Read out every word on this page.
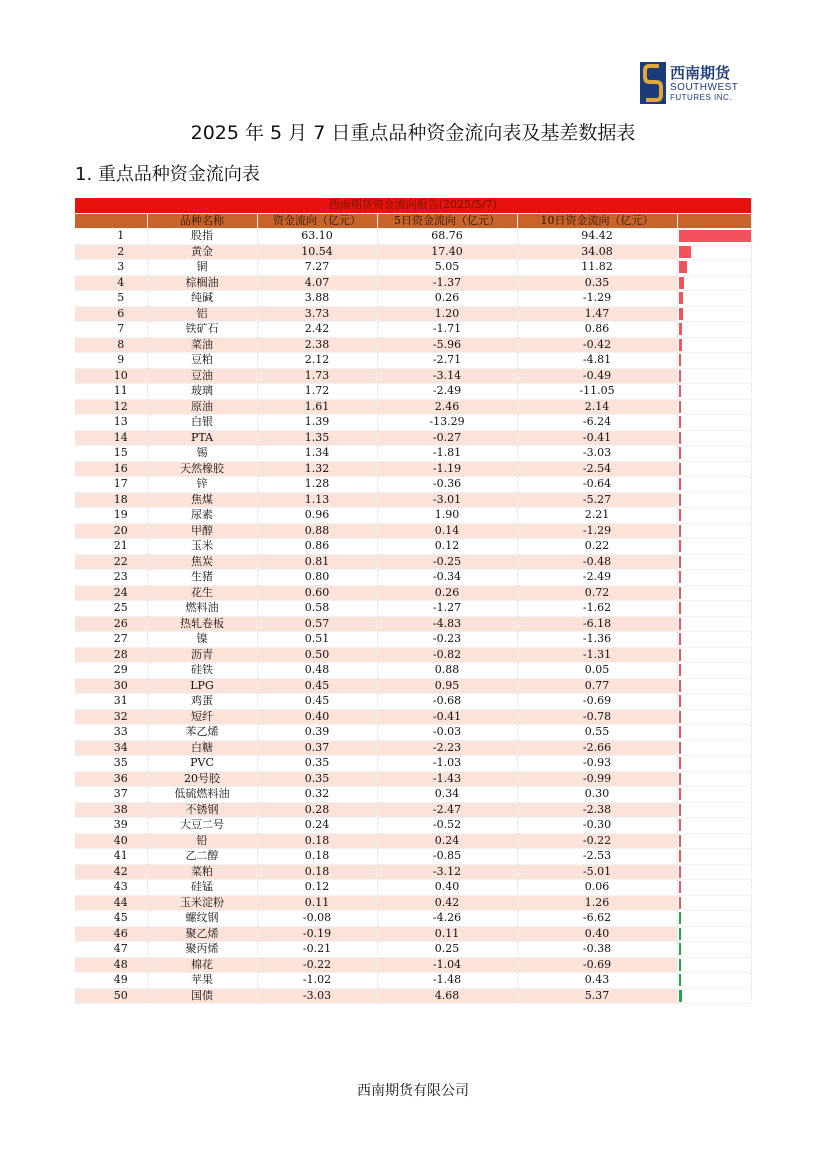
西南期货
SOUTHWEST
FUTURES INC.
2025 年 5 月 7 日重点品种资金流向表及基差数据表
1. 重点品种资金流向表
西南期货资金流向报告(2025/5/7)					
	品种名称	资金流向（亿元）	5日资金流向（亿元）	10日资金流向（亿元）	
1	股指	63.10	68.76	94.42	

2	黄金	10.54	17.40	34.08	

3	铜	7.27	5.05	11.82	

4	棕榈油	4.07	-1.37	0.35	

5	纯碱	3.88	0.26	-1.29	

6	铝	3.73	1.20	1.47	

7	铁矿石	2.42	-1.71	0.86	

8	菜油	2.38	-5.96	-0.42	

9	豆粕	2.12	-2.71	-4.81	

10	豆油	1.73	-3.14	-0.49	

11	玻璃	1.72	-2.49	-11.05	

12	原油	1.61	2.46	2.14	

13	白银	1.39	-13.29	-6.24	

14	PTA	1.35	-0.27	-0.41	

15	锡	1.34	-1.81	-3.03	

16	天然橡胶	1.32	-1.19	-2.54	

17	锌	1.28	-0.36	-0.64	

18	焦煤	1.13	-3.01	-5.27	

19	尿素	0.96	1.90	2.21	

20	甲醇	0.88	0.14	-1.29	

21	玉米	0.86	0.12	0.22	

22	焦炭	0.81	-0.25	-0.48	

23	生猪	0.80	-0.34	-2.49	

24	花生	0.60	0.26	0.72	

25	燃料油	0.58	-1.27	-1.62	

26	热轧卷板	0.57	-4.83	-6.18	

27	镍	0.51	-0.23	-1.36	

28	沥青	0.50	-0.82	-1.31	

29	硅铁	0.48	0.88	0.05	

30	LPG	0.45	0.95	0.77	

31	鸡蛋	0.45	-0.68	-0.69	

32	短纤	0.40	-0.41	-0.78	

33	苯乙烯	0.39	-0.03	0.55	

34	白糖	0.37	-2.23	-2.66	

35	PVC	0.35	-1.03	-0.93	

36	20号胶	0.35	-1.43	-0.99	

37	低硫燃料油	0.32	0.34	0.30	

38	不锈钢	0.28	-2.47	-2.38	

39	大豆二号	0.24	-0.52	-0.30	

40	铅	0.18	0.24	-0.22	

41	乙二醇	0.18	-0.85	-2.53	

42	菜粕	0.18	-3.12	-5.01	

43	硅锰	0.12	0.40	0.06	

44	玉米淀粉	0.11	0.42	1.26	

45	螺纹钢	-0.08	-4.26	-6.62	

46	聚乙烯	-0.19	0.11	0.40	

47	聚丙烯	-0.21	0.25	-0.38	

48	棉花	-0.22	-1.04	-0.69	

49	苹果	-1.02	-1.48	0.43	

50	国债	-3.03	4.68	5.37	
西南期货有限公司
